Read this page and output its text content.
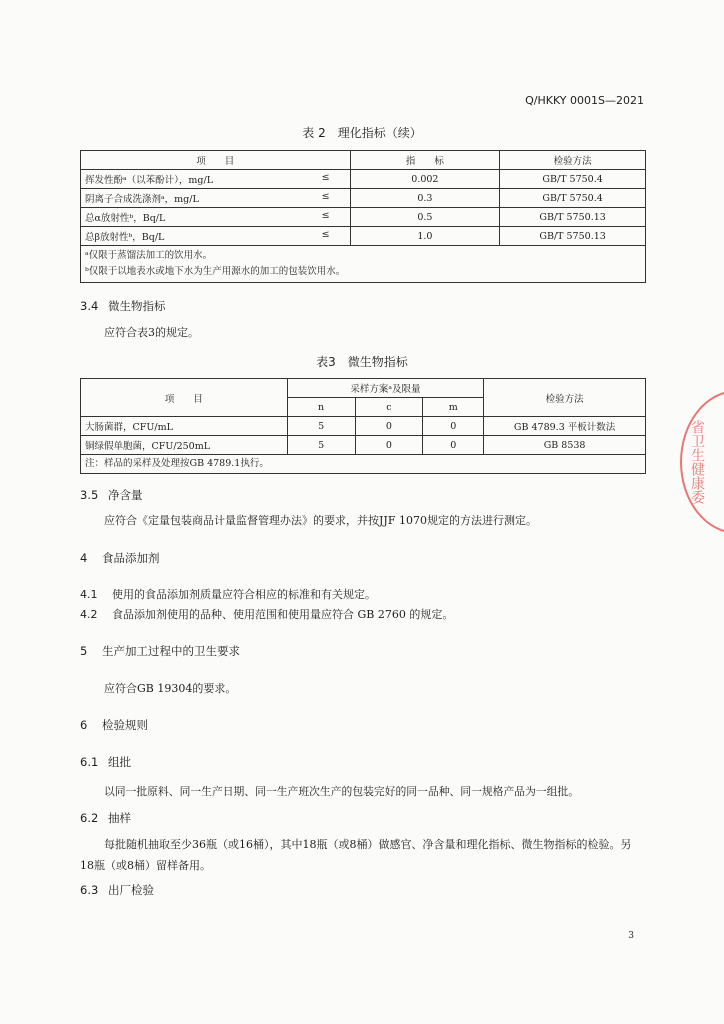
Q/HKKY 0001S—2021
表 2　理化指标（续）
项　　目	指　　标	检验方法
挥发性酚ᵃ（以苯酚计），mg/L ≤	0.002	GB/T 5750.4
阴离子合成洗涤剂ᵃ，mg/L ≤	0.3	GB/T 5750.4
总α放射性ᵇ，Bq/L ≤	0.5	GB/T 5750.13
总β放射性ᵇ，Bq/L ≤	1.0	GB/T 5750.13

ᵃ仅限于蒸馏法加工的饮用水。
ᵇ仅限于以地表水或地下水为生产用源水的加工的包装饮用水。		
3.4 微生物指标
应符合表3的规定。
表3　微生物指标
项　　目	采样方案ᵃ及限量			检验方法
	n	c	m	
大肠菌群，CFU/mL	5	0	0	GB 4789.3 平板计数法
铜绿假单胞菌，CFU/250mL	5	0	0	GB 8538
注：样品的采样及处理按GB 4789.1执行。				
3.5 净含量
应符合《定量包装商品计量监督管理办法》的要求，并按JJF 1070规定的方法进行测定。
4 食品添加剂
4.1 使用的食品添加剂质量应符合相应的标准和有关规定。
4.2 食品添加剂使用的品种、使用范围和使用量应符合 GB 2760 的规定。
5 生产加工过程中的卫生要求
应符合GB 19304的要求。
6 检验规则
6.1 组批
以同一批原料、同一生产日期、同一生产班次生产的包装完好的同一品种、同一规格产品为一组批。
6.2 抽样
每批随机抽取至少36瓶（或16桶），其中18瓶（或8桶）做感官、净含量和理化指标、微生物指标的检验。另18瓶（或8桶）留样备用。
6.3 出厂检验
3
省卫生健康委
